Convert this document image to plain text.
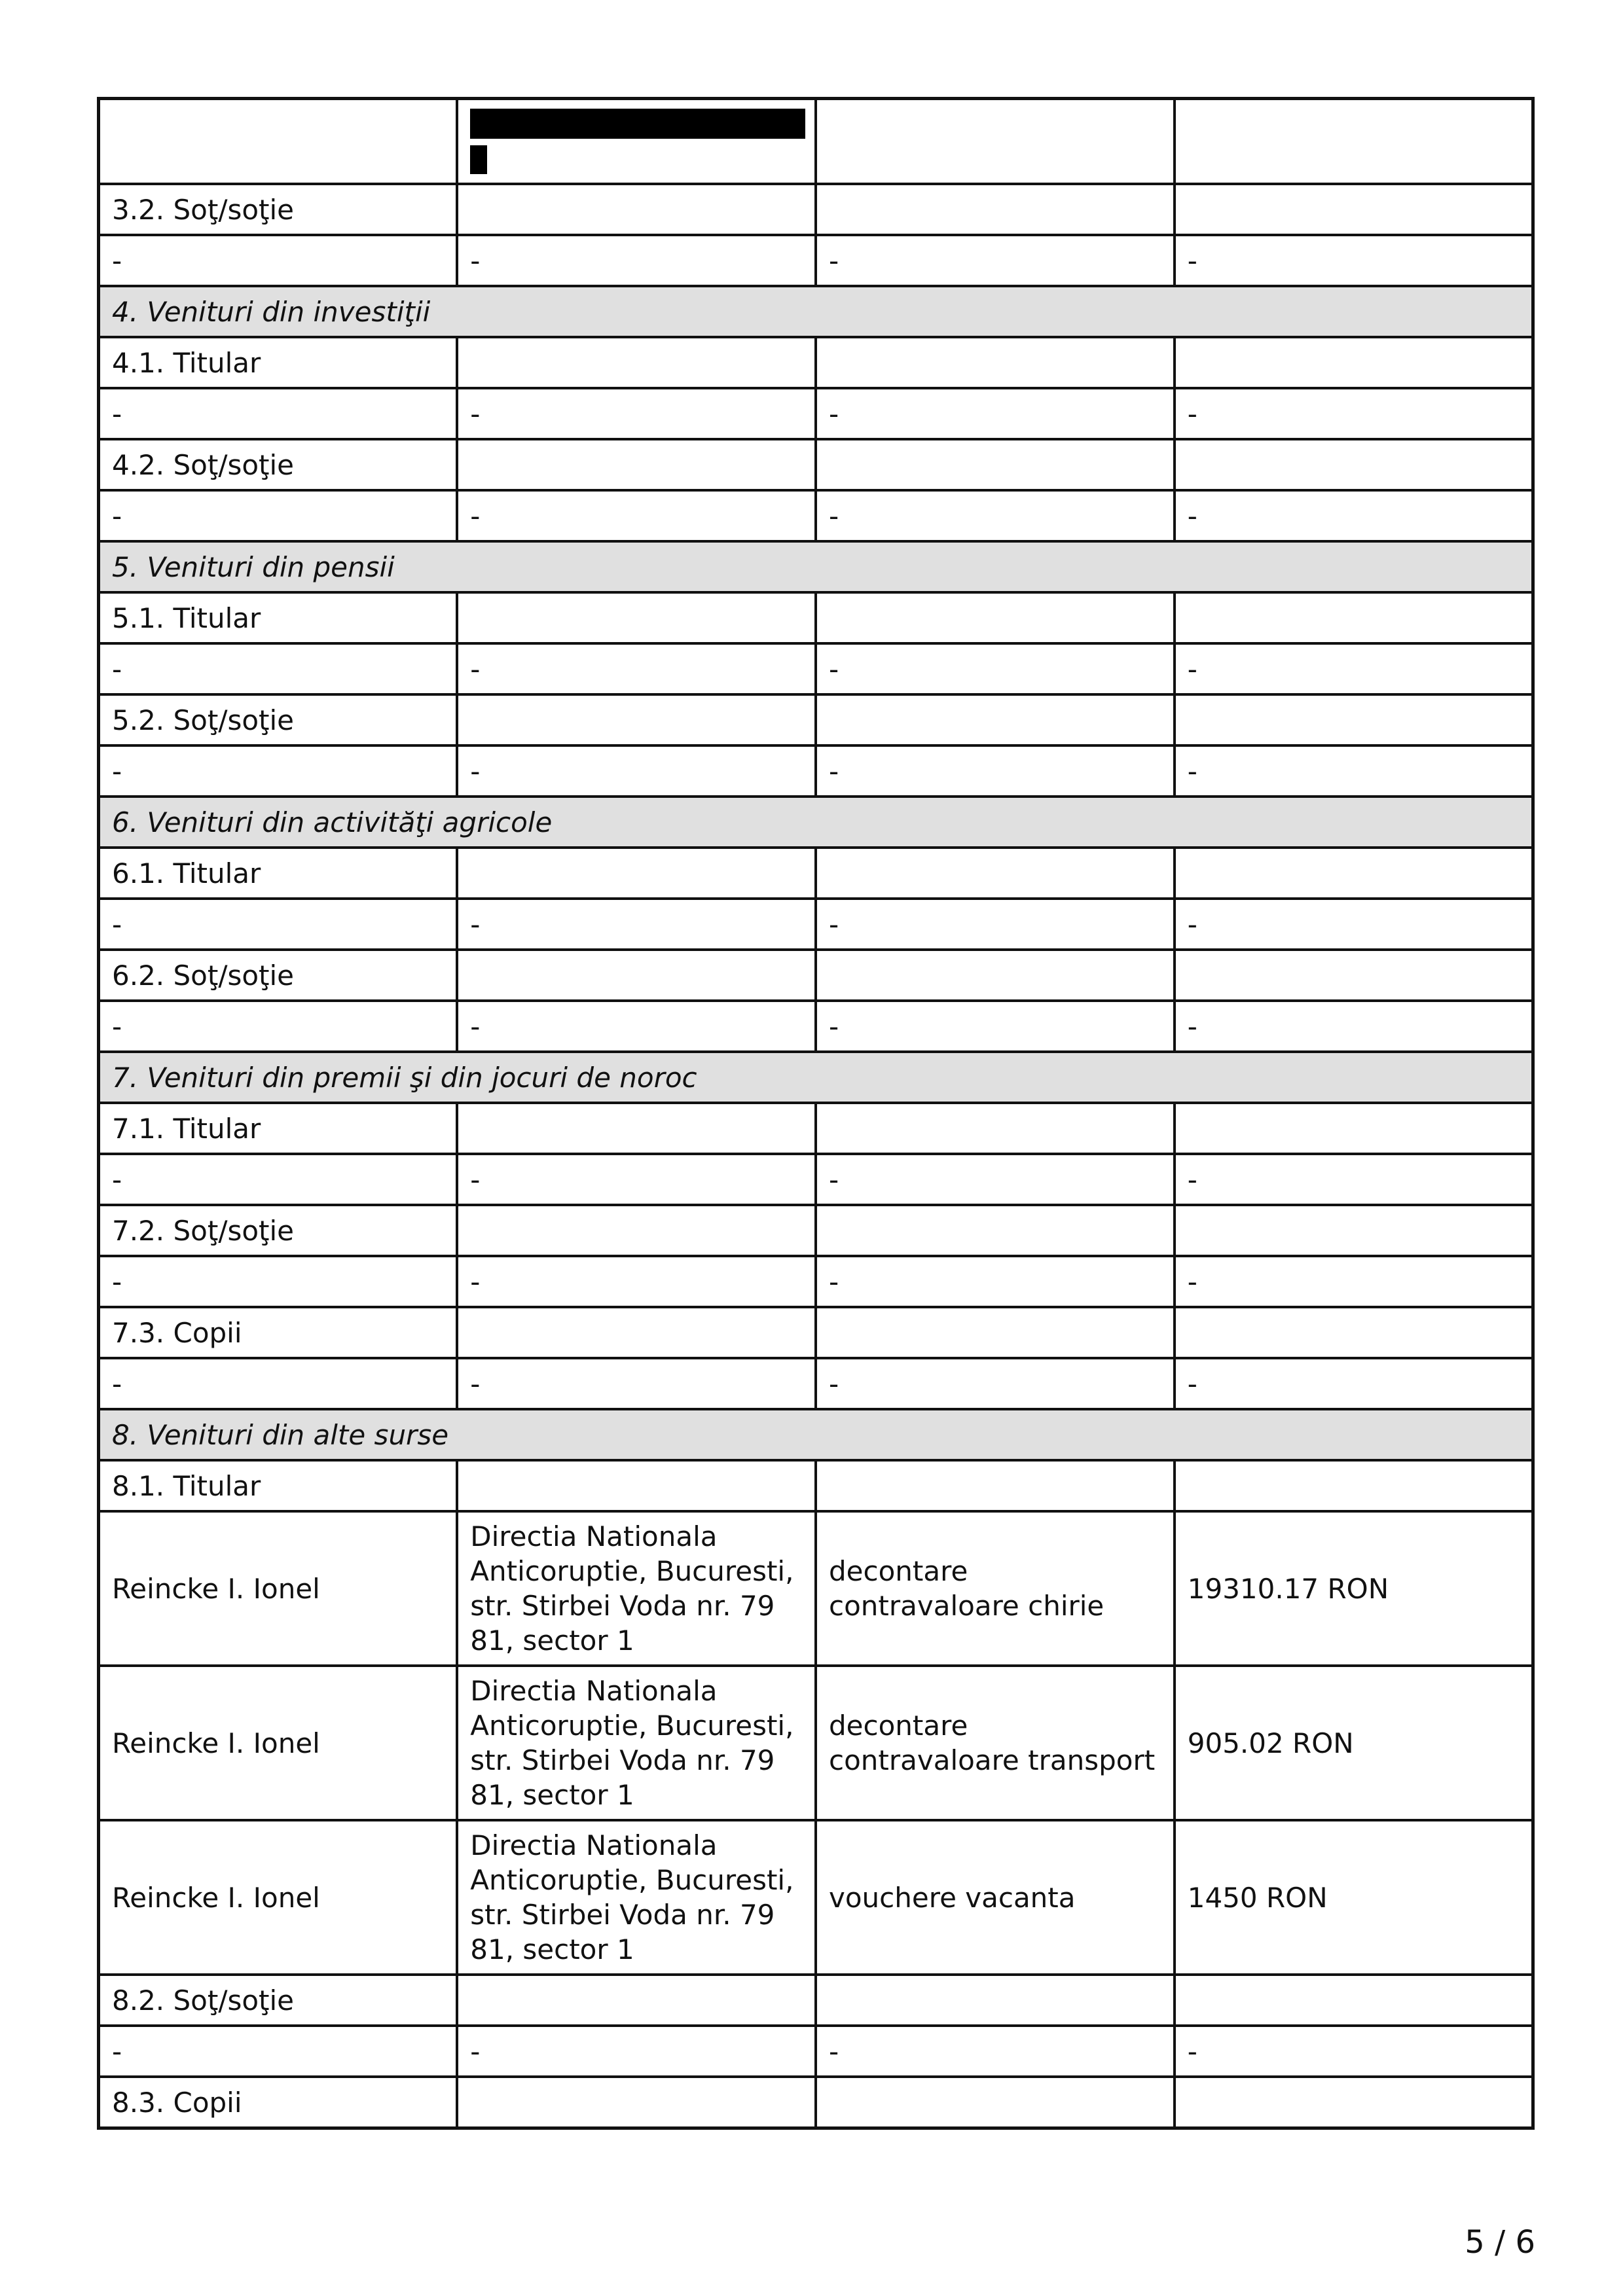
3.2. Soţ/soţie			
-	-	-	-
4. Venituri din investiţii			
4.1. Titular			
-	-	-	-
4.2. Soţ/soţie			
-	-	-	-
5. Venituri din pensii			
5.1. Titular			
-	-	-	-
5.2. Soţ/soţie			
-	-	-	-
6. Venituri din activităţi agricole			
6.1. Titular			
-	-	-	-
6.2. Soţ/soţie			
-	-	-	-
7. Venituri din premii şi din jocuri de noroc			
7.1. Titular			
-	-	-	-
7.2. Soţ/soţie			
-	-	-	-
7.3. Copii			
-	-	-	-
8. Venituri din alte surse			
8.1. Titular			
Reincke I. Ionel	Directia Nationala Anticoruptie, Bucuresti, str. Stirbei Voda nr. 79 81, sector 1	decontare contravaloare chirie	19310.17 RON
Reincke I. Ionel	Directia Nationala Anticoruptie, Bucuresti, str. Stirbei Voda nr. 79 81, sector 1	decontare contravaloare transport	905.02 RON
Reincke I. Ionel	Directia Nationala Anticoruptie, Bucuresti, str. Stirbei Voda nr. 79 81, sector 1	vouchere vacanta	1450 RON
8.2. Soţ/soţie			
-	-	-	-
8.3. Copii			
5 / 6
